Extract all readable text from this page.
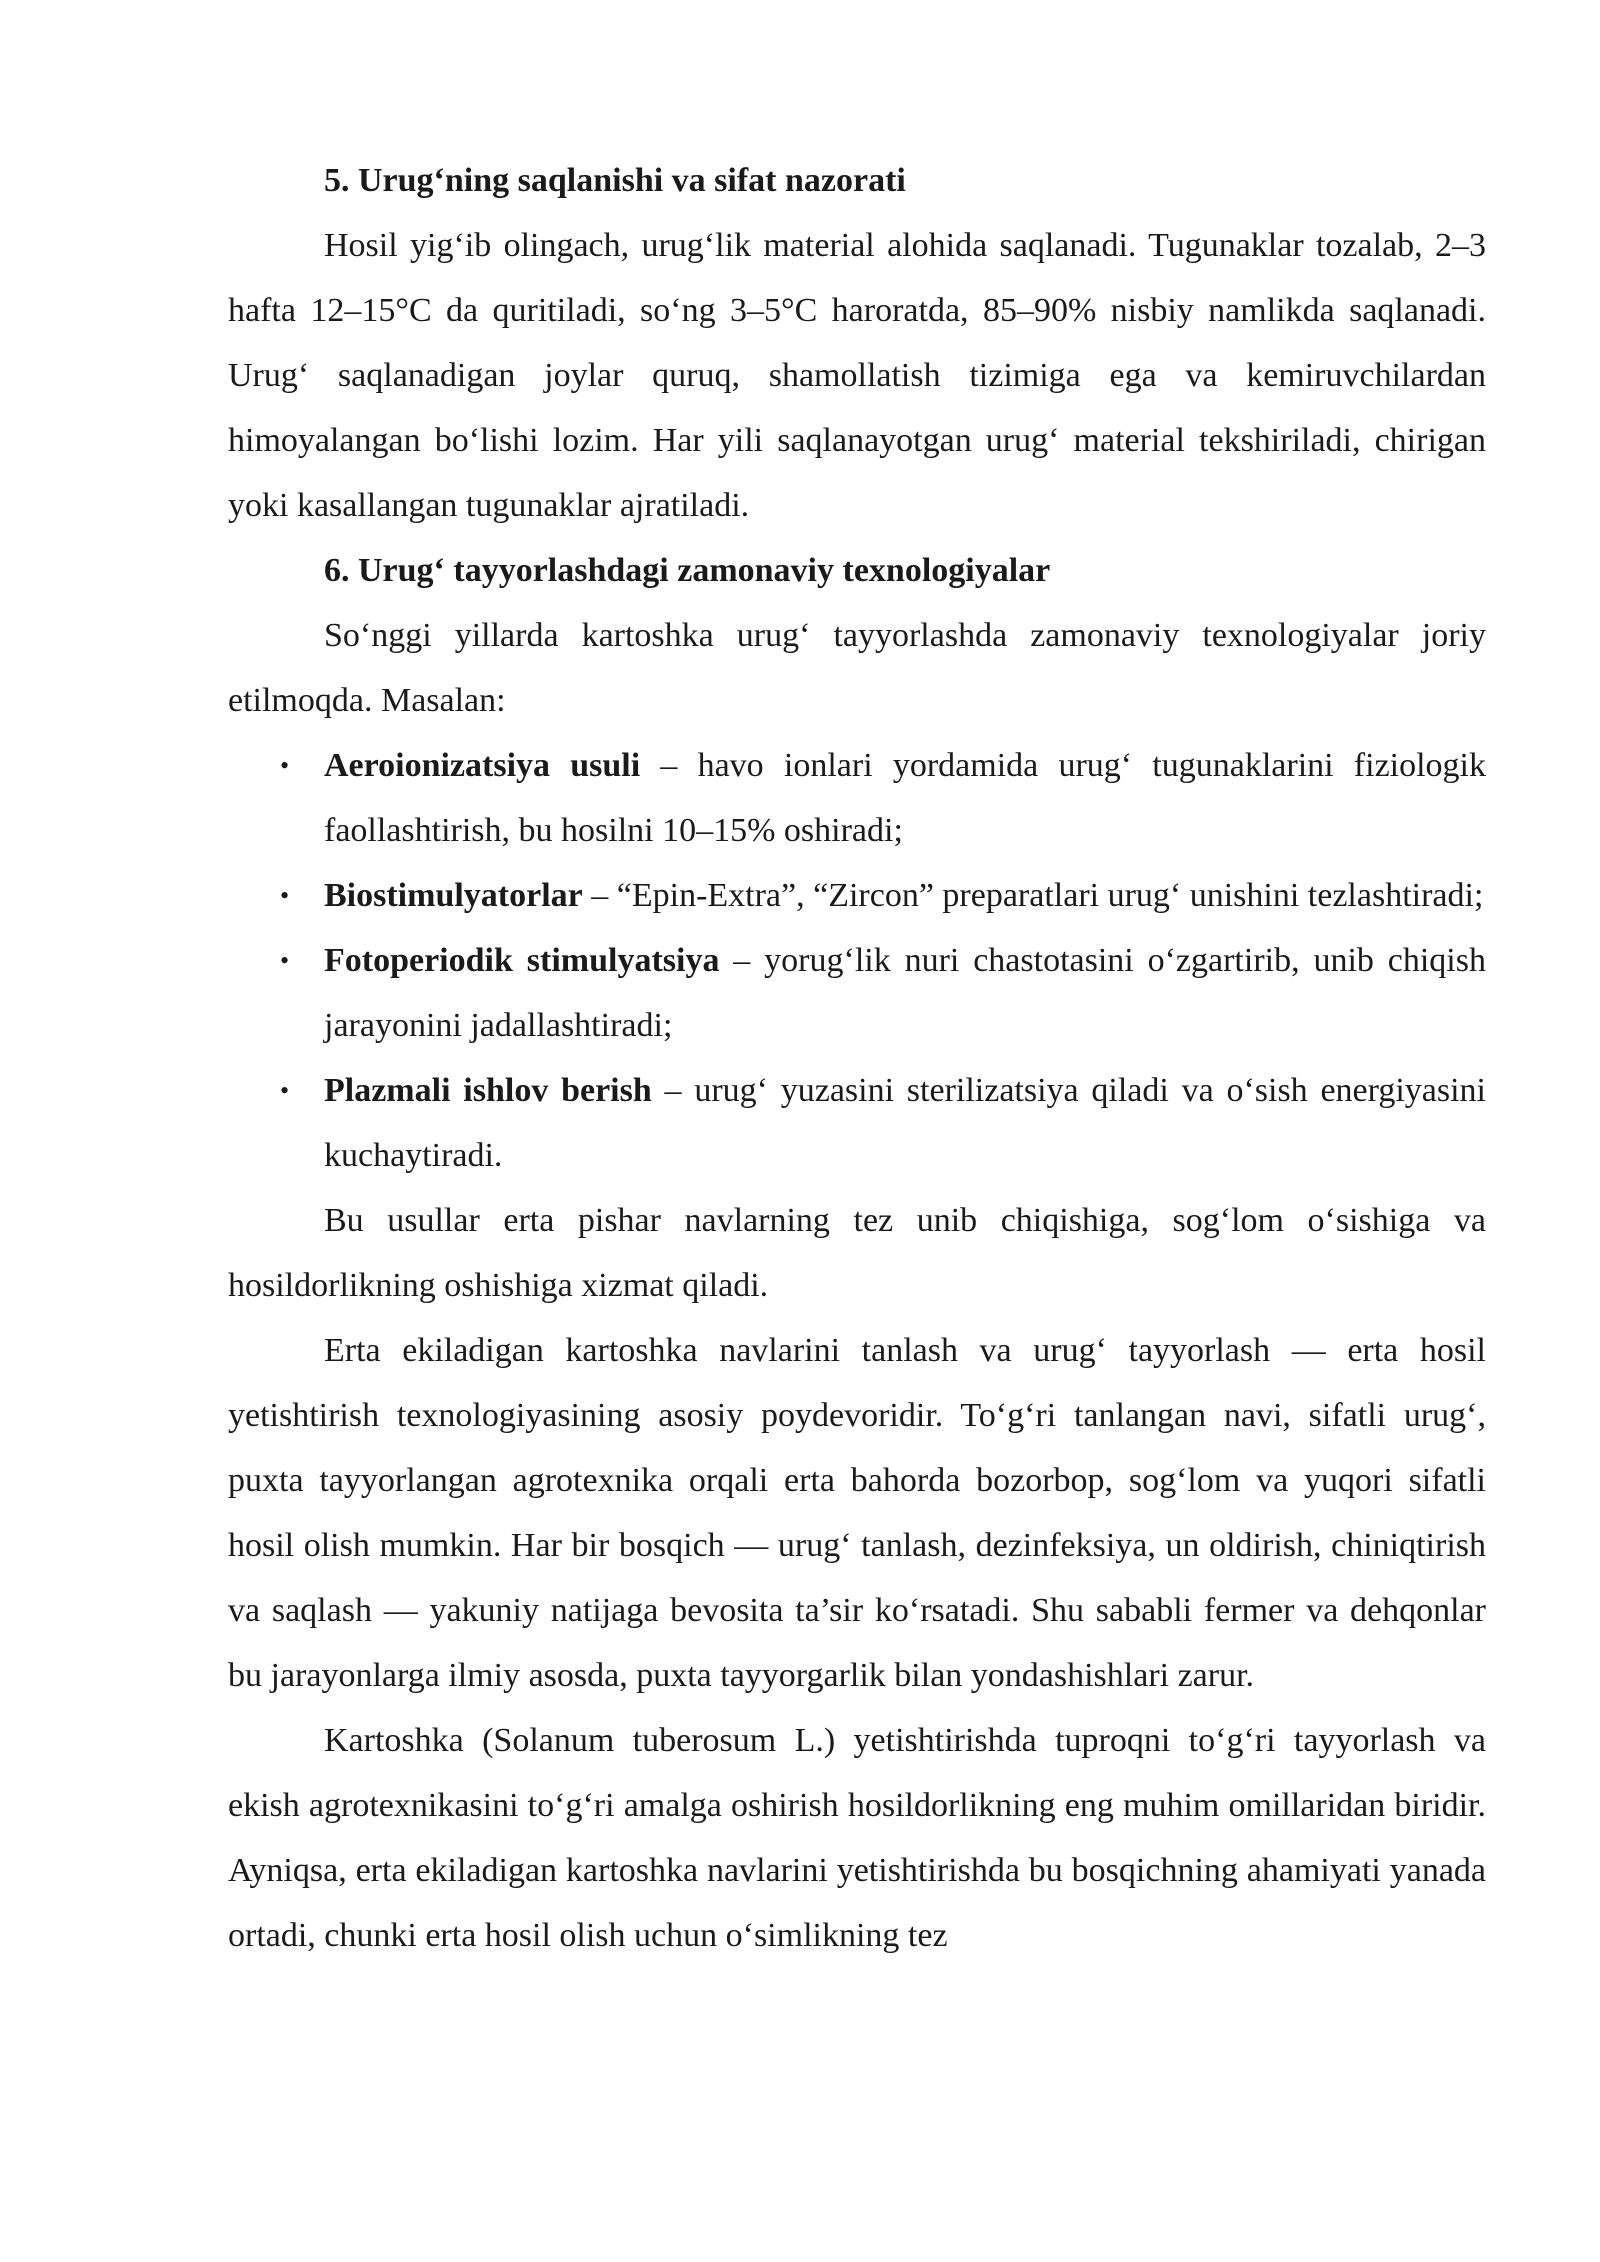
5. Urug‘ning saqlanishi va sifat nazorati

Hosil yig‘ib olingach, urug‘lik material alohida saqlanadi. Tugunaklar tozalab, 2–3 hafta 12–15°C da quritiladi, so‘ng 3–5°C haroratda, 85–90% nisbiy namlikda saqlanadi. Urug‘ saqlanadigan joylar quruq, shamollatish tizimiga ega va kemiruvchilardan himoyalangan bo‘lishi lozim. Har yili saqlanayotgan urug‘ material tekshiriladi, chirigan yoki kasallangan tugunaklar ajratiladi.

6. Urug‘ tayyorlashdagi zamonaviy texnologiyalar

So‘nggi yillarda kartoshka urug‘ tayyorlashda zamonaviy texnologiyalar joriy etilmoqda. Masalan:

• Aeroionizatsiya usuli – havo ionlari yordamida urug‘ tugunaklarini fiziologik faollashtirish, bu hosilni 10–15% oshiradi;
• Biostimulyatorlar – “Epin-Extra”, “Zircon” preparatlari urug‘ unishini tezlashtiradi;
• Fotoperiodik stimulyatsiya – yorug‘lik nuri chastotasini o‘zgartirib, unib chiqish jarayonini jadallashtiradi;
• Plazmali ishlov berish – urug‘ yuzasini sterilizatsiya qiladi va o‘sish energiyasini kuchaytiradi.

Bu usullar erta pishar navlarning tez unib chiqishiga, sog‘lom o‘sishiga va hosildorlikning oshishiga xizmat qiladi.

Erta ekiladigan kartoshka navlarini tanlash va urug‘ tayyorlash — erta hosil yetishtirish texnologiyasining asosiy poydevoridir. To‘g‘ri tanlangan navi, sifatli urug‘, puxta tayyorlangan agrotexnika orqali erta bahorda bozorbop, sog‘lom va yuqori sifatli hosil olish mumkin. Har bir bosqich — urug‘ tanlash, dezinfeksiya, un oldirish, chiniqtirish va saqlash — yakuniy natijaga bevosita ta’sir ko‘rsatadi. Shu sababli fermer va dehqonlar bu jarayonlarga ilmiy asosda, puxta tayyorgarlik bilan yondashishlari zarur.

Kartoshka (Solanum tuberosum L.) yetishtirishda tuproqni to‘g‘ri tayyorlash va ekish agrotexnikasini to‘g‘ri amalga oshirish hosildorlikning eng muhim omillaridan biridir. Ayniqsa, erta ekiladigan kartoshka navlarini yetishtirishda bu bosqichning ahamiyati yanada ortadi, chunki erta hosil olish uchun o‘simlikning tez
